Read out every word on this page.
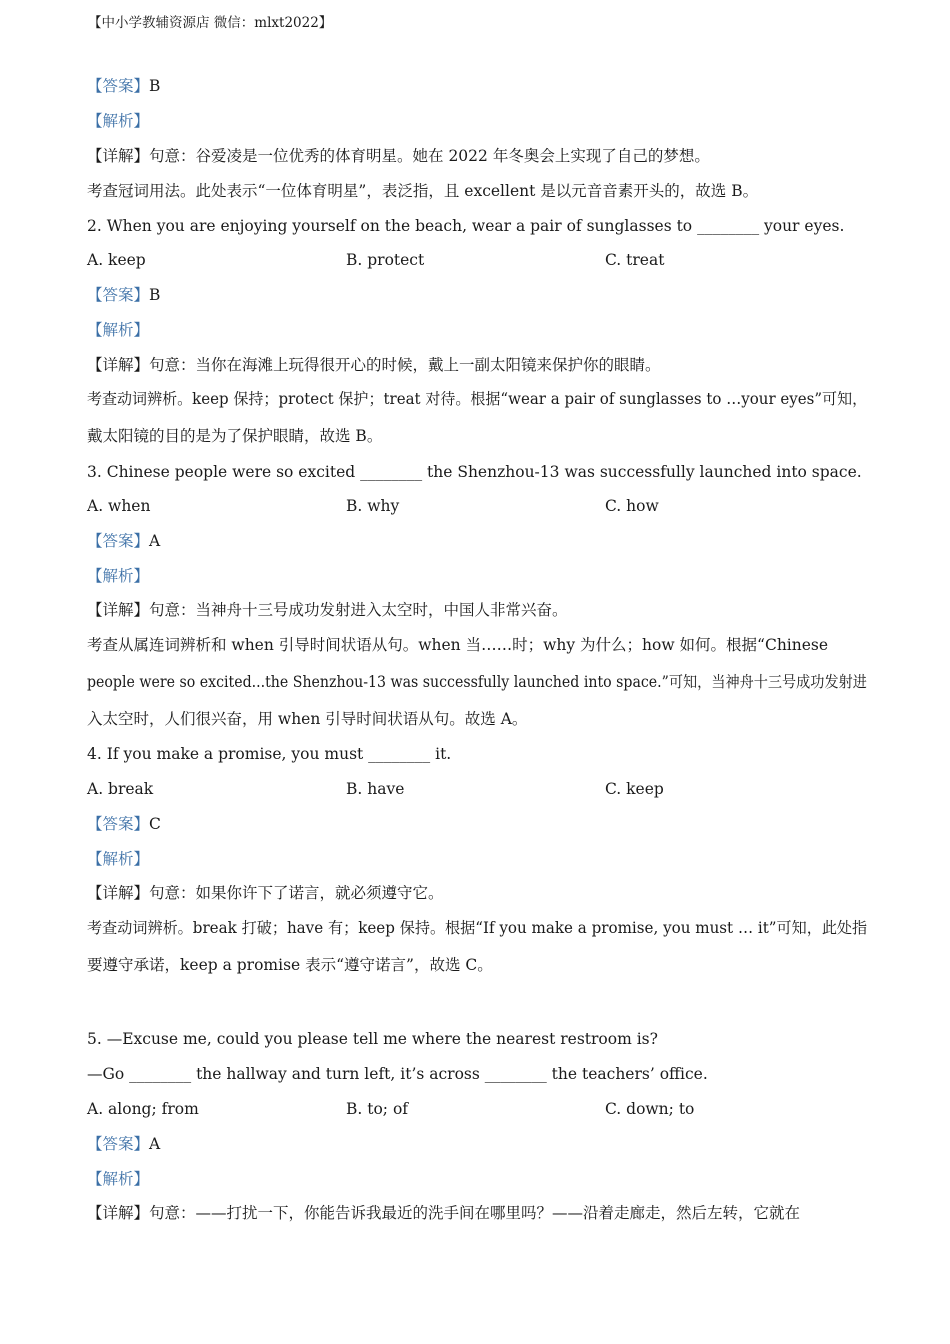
【中小学教辅资源店 微信：mlxt2022】

【答案】B

【解析】

【详解】句意：谷爱凌是一位优秀的体育明星。她在 2022 年冬奥会上实现了自己的梦想。

考查冠词用法。此处表示“一位体育明星”，表泛指，且 excellent 是以元音音素开头的，故选 B。

2. When you are enjoying yourself on the beach, wear a pair of sunglasses to ________ your eyes.

A. keep	B. protect	C. treat

【答案】B

【解析】

【详解】句意：当你在海滩上玩得很开心的时候，戴上一副太阳镜来保护你的眼睛。

考查动词辨析。keep 保持；protect 保护；treat 对待。根据“wear a pair of sunglasses to …your eyes”可知，

戴太阳镜的目的是为了保护眼睛，故选 B。

3. Chinese people were so excited ________ the Shenzhou-13 was successfully launched into space.

A. when	B. why	C. how

【答案】A

【解析】

【详解】句意：当神舟十三号成功发射进入太空时，中国人非常兴奋。

考查从属连词辨析和 when 引导时间状语从句。when 当……时；why 为什么；how 如何。根据“Chinese

people were so excited...the Shenzhou-13 was successfully launched into space.”可知，当神舟十三号成功发射进

入太空时，人们很兴奋，用 when 引导时间状语从句。故选 A。

4. If you make a promise, you must ________ it.

A. break	B. have	C. keep

【答案】C

【解析】

【详解】句意：如果你许下了诺言，就必须遵守它。

考查动词辨析。break 打破；have 有；keep 保持。根据“If you make a promise, you must … it”可知，此处指

要遵守承诺，keep a promise 表示“遵守诺言”，故选 C。

5. —Excuse me, could you please tell me where the nearest restroom is?

—Go ________ the hallway and turn left, it’s across ________ the teachers’ office.

A. along; from	B. to; of	C. down; to

【答案】A

【解析】

【详解】句意：——打扰一下，你能告诉我最近的洗手间在哪里吗？——沿着走廊走，然后左转，它就在
